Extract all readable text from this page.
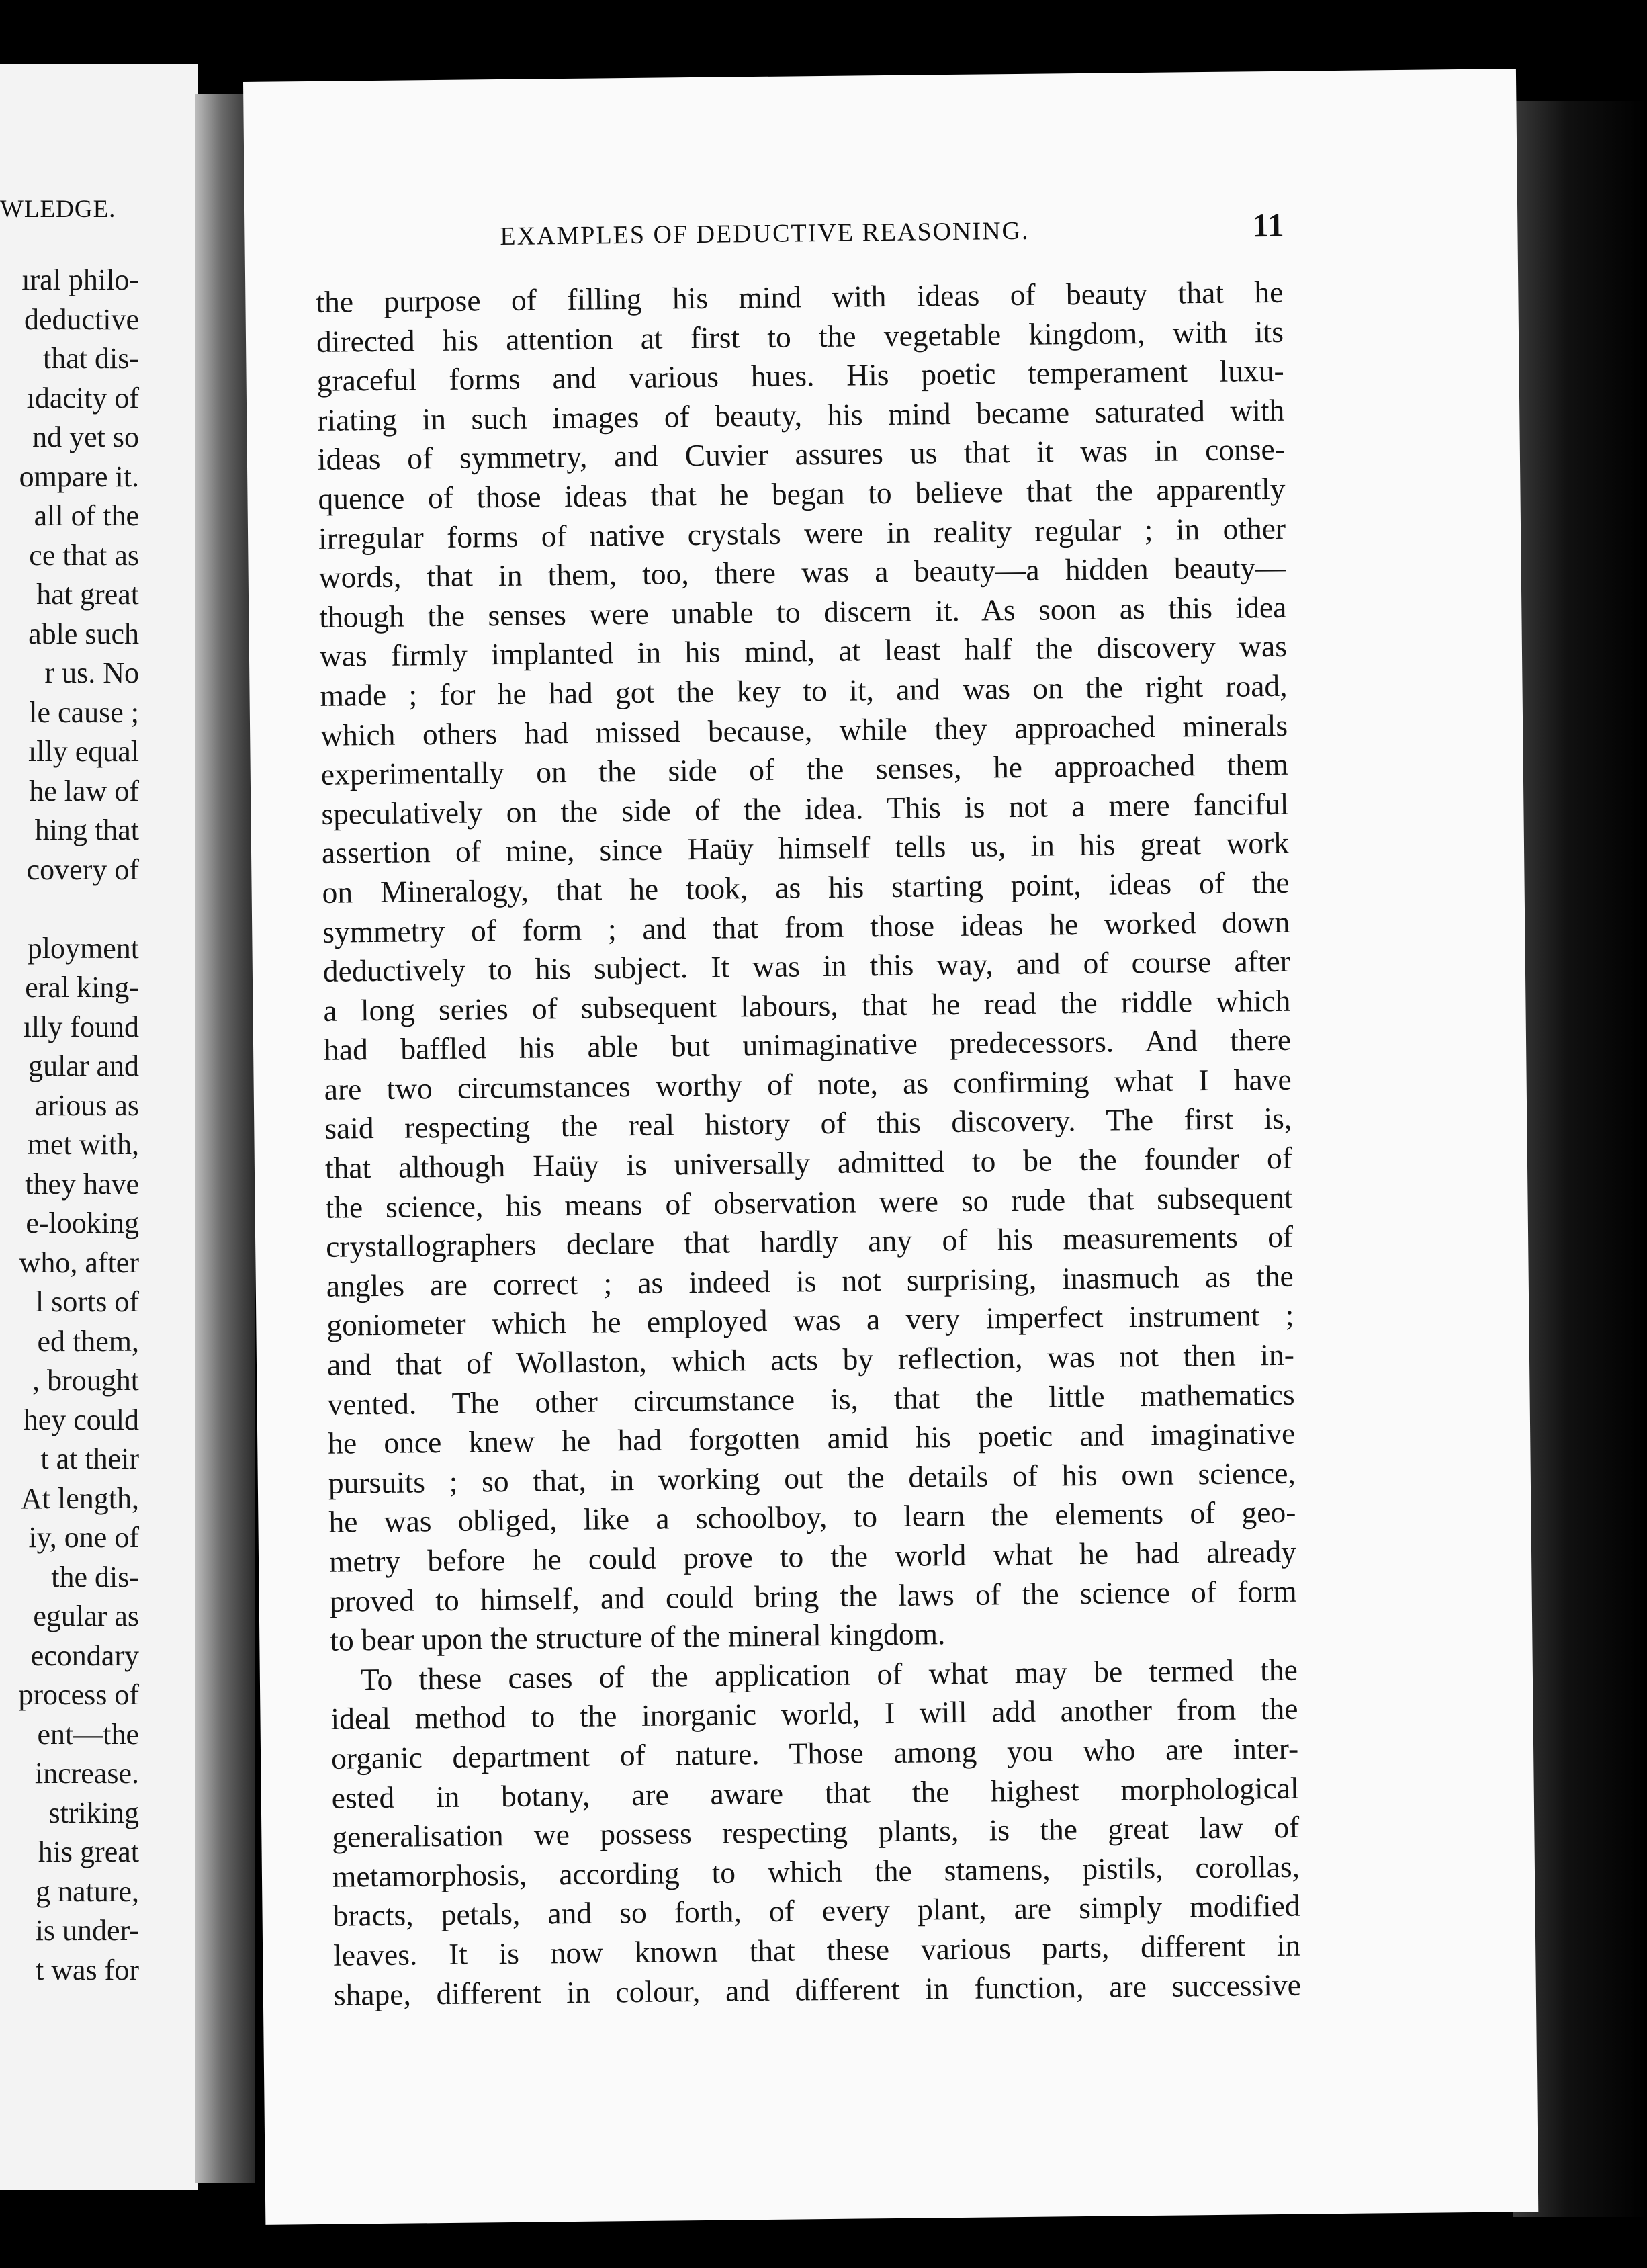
WLEDGE.
ıral philo-
deductive
that dis-
ıdacity of
nd yet so
ompare it.
all of the
ce that as
hat great
able such
r us. No
le cause ;
ılly equal
he law of
hing that
covery of

ployment
eral king-
ılly found
gular and
arious as
met with,
they have
e-looking
who, after
l sorts of
ed them,
, brought
hey could
t at their
At length,
iy, one of
the dis-
egular as
econdary
process of
ent—the
increase.
striking
his great
g nature,
is under-
t was for
EXAMPLES OF DEDUCTIVE REASONING.	11
the purpose of filling his mind with ideas of beauty that he
directed his attention at first to the vegetable kingdom, with its
graceful forms and various hues. His poetic temperament luxu-
riating in such images of beauty, his mind became saturated with
ideas of symmetry, and Cuvier assures us that it was in conse-
quence of those ideas that he began to believe that the apparently
irregular forms of native crystals were in reality regular ; in other
words, that in them, too, there was a beauty—a hidden beauty—
though the senses were unable to discern it. As soon as this idea
was firmly implanted in his mind, at least half the discovery was
made ; for he had got the key to it, and was on the right road,
which others had missed because, while they approached minerals
experimentally on the side of the senses, he approached them
speculatively on the side of the idea. This is not a mere fanciful
assertion of mine, since Haüy himself tells us, in his great work
on Mineralogy, that he took, as his starting point, ideas of the
symmetry of form ; and that from those ideas he worked down
deductively to his subject. It was in this way, and of course after
a long series of subsequent labours, that he read the riddle which
had baffled his able but unimaginative predecessors. And there
are two circumstances worthy of note, as confirming what I have
said respecting the real history of this discovery. The first is,
that although Haüy is universally admitted to be the founder of
the science, his means of observation were so rude that subsequent
crystallographers declare that hardly any of his measurements of
angles are correct ; as indeed is not surprising, inasmuch as the
goniometer which he employed was a very imperfect instrument ;
and that of Wollaston, which acts by reflection, was not then in-
vented. The other circumstance is, that the little mathematics
he once knew he had forgotten amid his poetic and imaginative
pursuits ; so that, in working out the details of his own science,
he was obliged, like a schoolboy, to learn the elements of geo-
metry before he could prove to the world what he had already
proved to himself, and could bring the laws of the science of form
to bear upon the structure of the mineral kingdom.
To these cases of the application of what may be termed the
ideal method to the inorganic world, I will add another from the
organic department of nature. Those among you who are inter-
ested in botany, are aware that the highest morphological
generalisation we possess respecting plants, is the great law of
metamorphosis, according to which the stamens, pistils, corollas,
bracts, petals, and so forth, of every plant, are simply modified
leaves. It is now known that these various parts, different in
shape, different in colour, and different in function, are successive
